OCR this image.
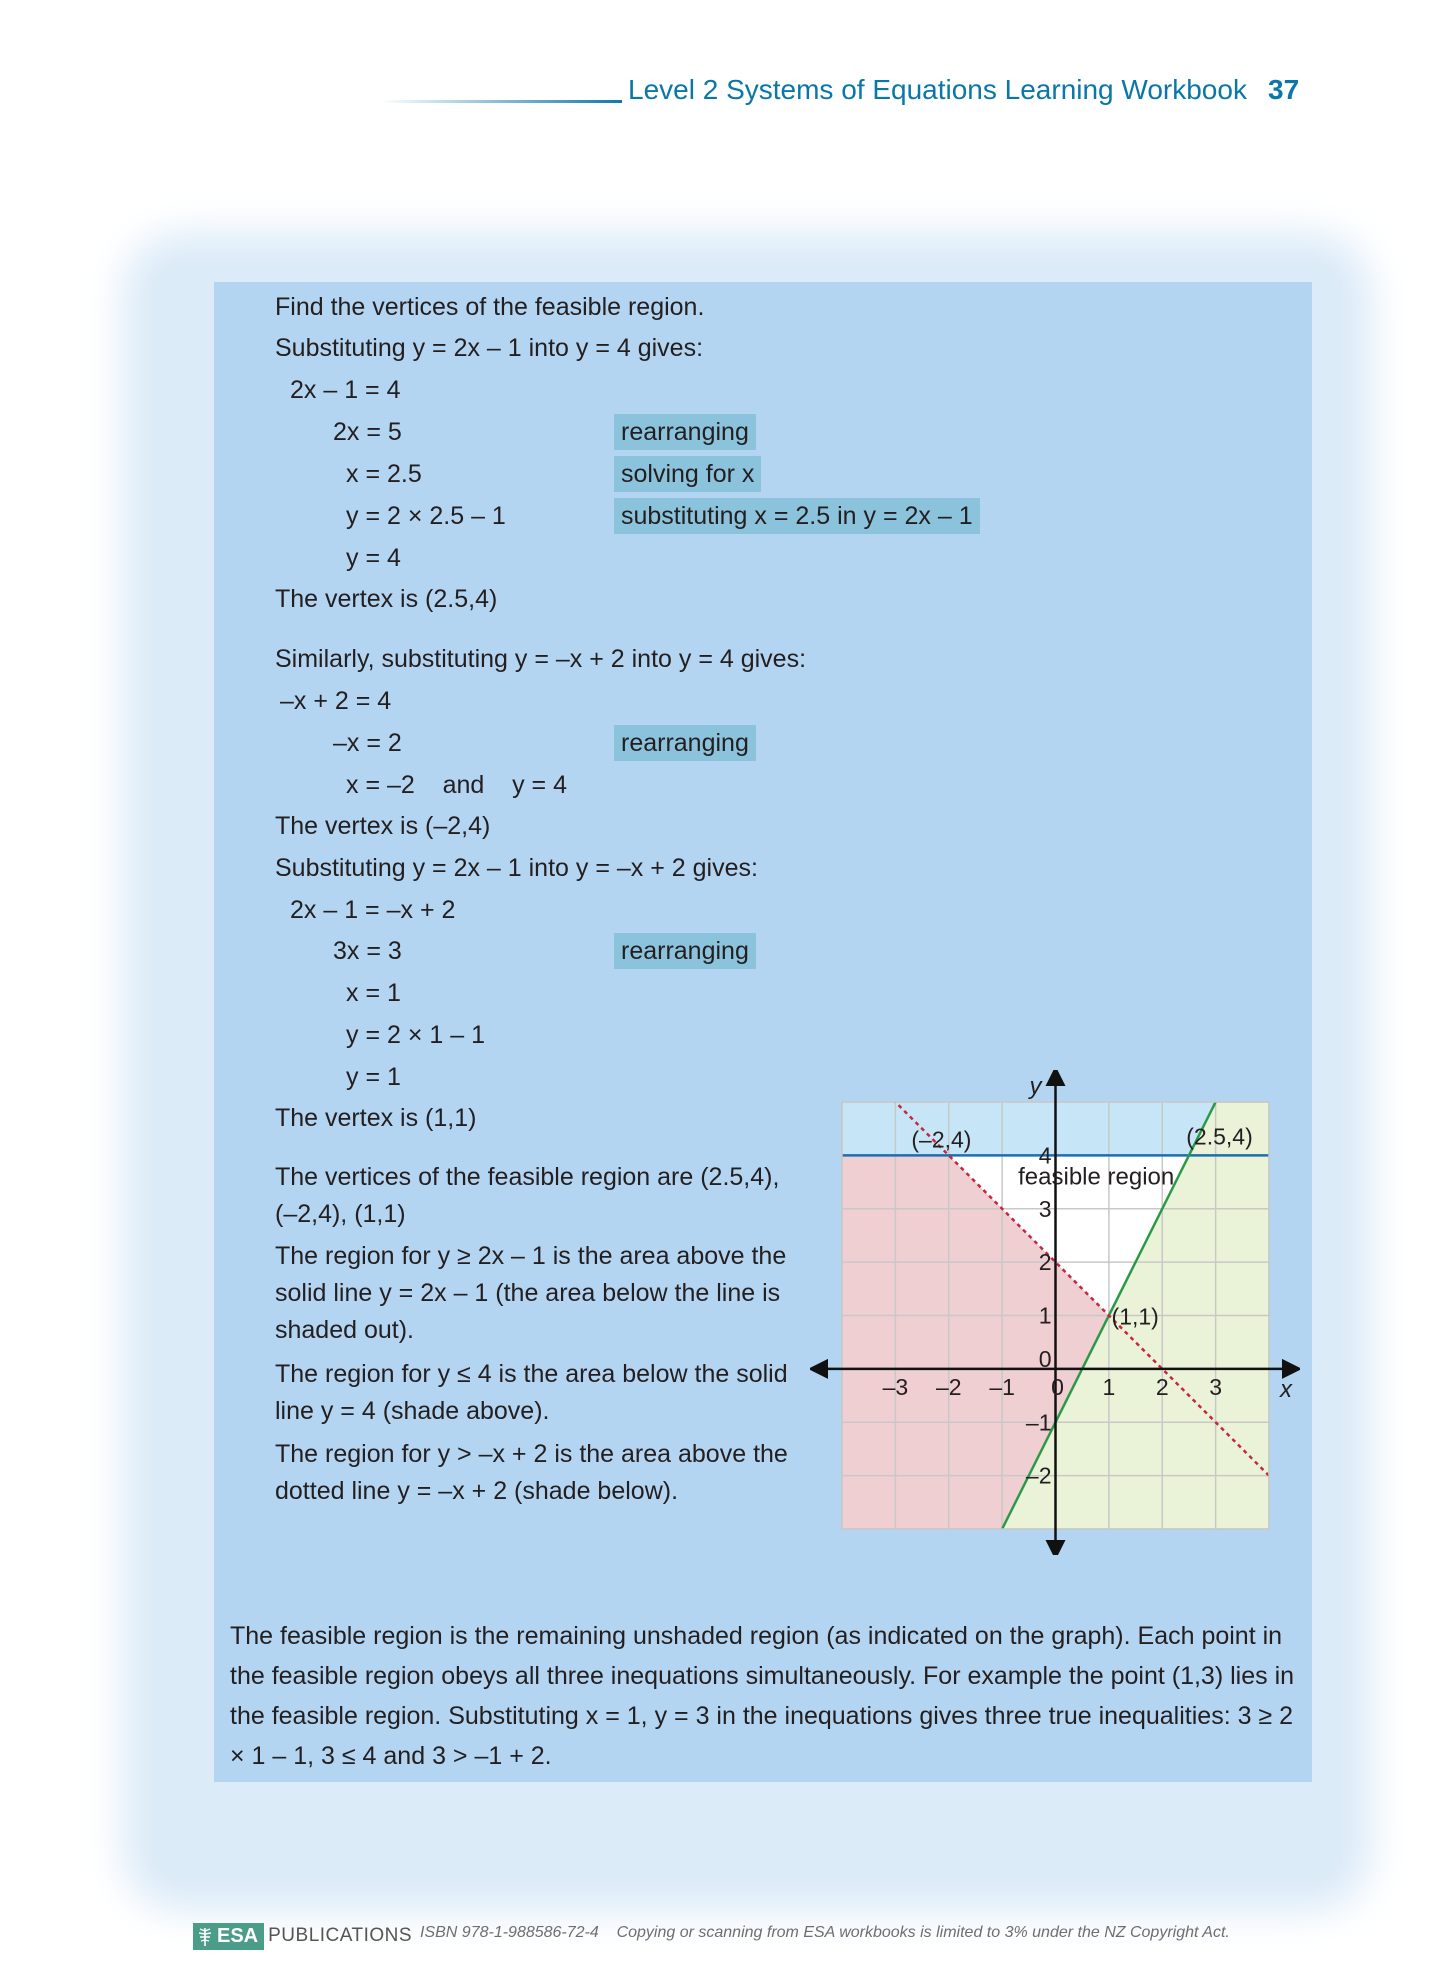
Level 2 Systems of Equations Learning Workbook 37
Find the vertices of the feasible region.
Substituting y = 2x – 1 into y = 4 gives:
2x – 1 = 4
2x = 5	rearranging
x = 2.5	solving for x
y = 2 × 2.5 – 1	substituting x = 2.5 in y = 2x – 1
y = 4
The vertex is (2.5,4)
Similarly, substituting y = –x + 2 into y = 4 gives:
–x + 2 = 4
–x = 2	rearranging
x = –2    and    y = 4
The vertex is (–2,4)
Substituting y = 2x – 1 into y = –x + 2 gives:
2x – 1 = –x + 2
3x = 3	rearranging
x = 1
y = 2 × 1 – 1
y = 1
The vertex is (1,1)
The vertices of the feasible region are (2.5,4), (–2,4), (1,1)
The region for y ≥ 2x – 1 is the area above the solid line y = 2x – 1 (the area below the line is shaded out).
The region for y ≤ 4 is the area below the solid line y = 4 (shade above).
The region for y > –x + 2 is the area above the dotted line y = –x + 2 (shade below).
–3 –2 –1 0 1 2 3
–2
–1
1
2
3
4
0
x
y
feasible region
(–2,4)	(2.5,4)
(1,1)
The feasible region is the remaining unshaded region (as indicated on the graph). Each point in the feasible region obeys all three inequations simultaneously. For example the point (1,3) lies in the feasible region. Substituting x = 1, y = 3 in the inequations gives three true inequalities: 3 ≥ 2 × 1 – 1, 3 ≤ 4 and 3 > –1 + 2.
ESA PUBLICATIONS ISBN 978-1-988586-72-4    Copying or scanning from ESA workbooks is limited to 3% under the NZ Copyright Act.
